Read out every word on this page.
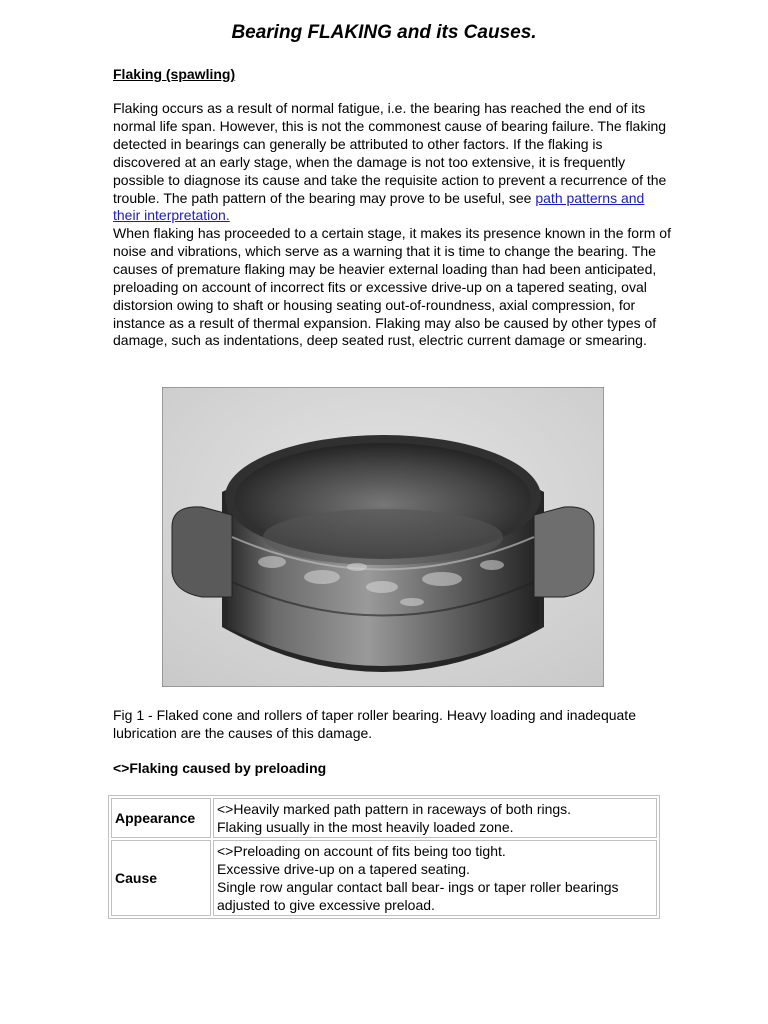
Bearing FLAKING and its Causes.
Flaking (spawling)

Flaking occurs as a result of normal fatigue, i.e. the bearing has reached the end of its normal life span. However, this is not the commonest cause of bearing failure. The flaking detected in bearings can generally be attributed to other factors. If the flaking is discovered at an early stage, when the damage is not too extensive, it is frequently possible to diagnose its cause and take the requisite action to prevent a recurrence of the trouble. The path pattern of the bearing may prove to be useful, see path patterns and their interpretation.

When flaking has proceeded to a certain stage, it makes its presence known in the form of noise and vibrations, which serve as a warning that it is time to change the bearing. The causes of premature flaking may be heavier external loading than had been anticipated, preloading on account of incorrect fits or excessive drive-up on a tapered seating, oval distorsion owing to shaft or housing seating out-of-roundness, axial compression, for instance as a result of thermal expansion. Flaking may also be caused by other types of damage, such as indentations, deep seated rust, electric current damage or smearing.

Fig 1 - Flaked cone and rollers of taper roller bearing. Heavy loading and inadequate lubrication are the causes of this damage.

<>Flaking caused by preloading
Appearance	<>Heavily marked path pattern in raceways of both rings.
Flaking usually in the most heavily loaded zone.

Cause	<>Preloading on account of fits being too tight.
Excessive drive-up on a tapered seating.
Single row angular contact ball bear- ings or taper roller bearings
adjusted to give excessive preload.
